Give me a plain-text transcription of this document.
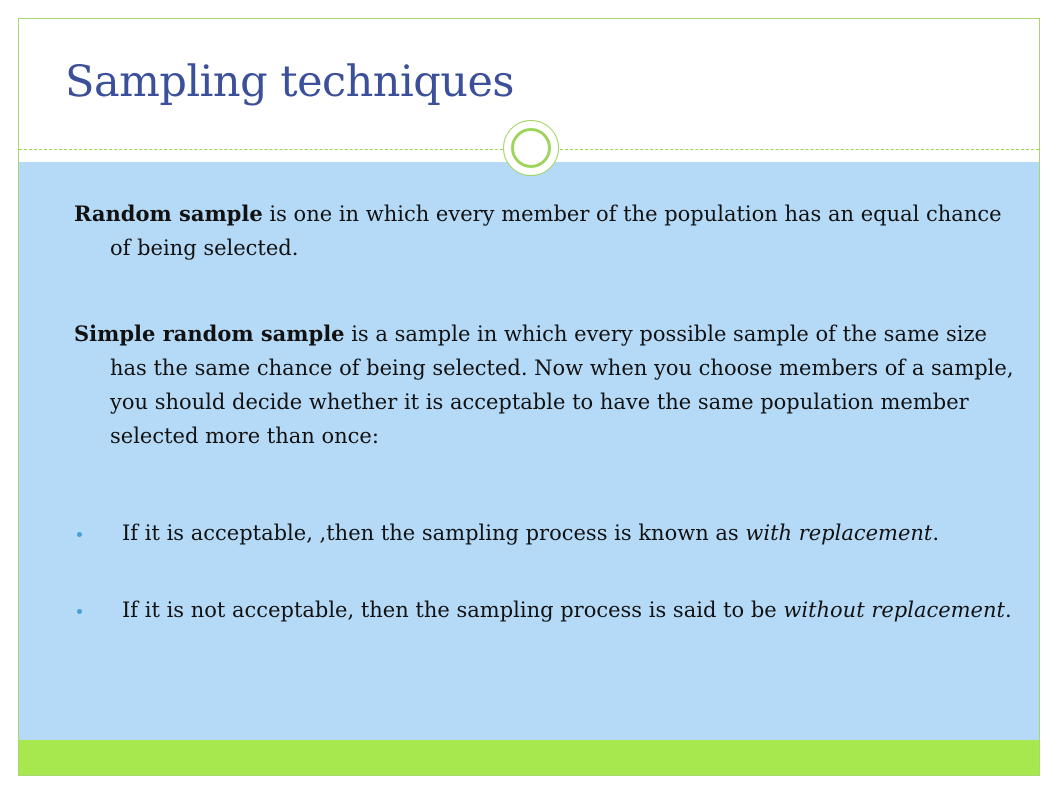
Sampling techniques

Random sample is one in which every member of the population has an equal chance of being selected.

Simple random sample is a sample in which every possible sample of the same size has the same chance of being selected. Now when you choose members of a sample, you should decide whether it is acceptable to have the same population member selected more than once:

If it is acceptable, ,then the sampling process is known as with replacement.

If it is not acceptable, then the sampling process is said to be without replacement.
